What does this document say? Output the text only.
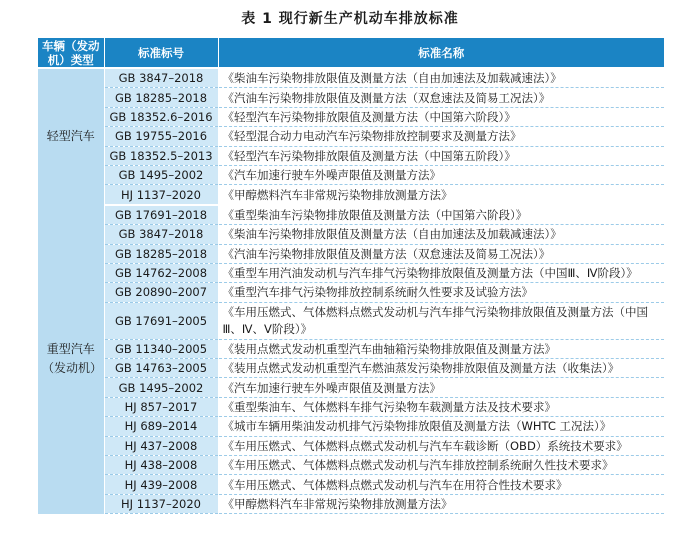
表 1 现行新生产机动车排放标准
车辆（发动机）类型	标准标号	标准名称
轻型汽车	GB 3847–2018	《柴油车污染物排放限值及测量方法（自由加速法及加载减速法）》
	GB 18285–2018	《汽油车污染物排放限值及测量方法（双怠速法及简易工况法）》
	GB 18352.6–2016	《轻型汽车污染物排放限值及测量方法（中国第六阶段）》
	GB 19755–2016	《轻型混合动力电动汽车污染物排放控制要求及测量方法》
	GB 18352.5–2013	《轻型汽车污染物排放限值及测量方法（中国第五阶段）》
	GB 1495–2002	《汽车加速行驶车外噪声限值及测量方法》
	HJ 1137–2020	《甲醇燃料汽车非常规污染物排放测量方法》
重型汽车（发动机）	GB 17691–2018	《重型柴油车污染物排放限值及测量方法（中国第六阶段）》
	GB 3847–2018	《柴油车污染物排放限值及测量方法（自由加速法及加载减速法）》
	GB 18285–2018	《汽油车污染物排放限值及测量方法（双怠速法及简易工况法）》
	GB 14762–2008	《重型车用汽油发动机与汽车排气污染物排放限值及测量方法（中国Ⅲ、Ⅳ阶段）》
	GB 20890–2007	《重型汽车排气污染物排放控制系统耐久性要求及试验方法》
	GB 17691–2005	《车用压燃式、气体燃料点燃式发动机与汽车排气污染物排放限值及测量方法（中国Ⅲ、Ⅳ、Ⅴ阶段）》
	GB 11340–2005	《装用点燃式发动机重型汽车曲轴箱污染物排放限值及测量方法》
	GB 14763–2005	《装用点燃式发动机重型汽车燃油蒸发污染物排放限值及测量方法（收集法）》
	GB 1495–2002	《汽车加速行驶车外噪声限值及测量方法》
	HJ 857–2017	《重型柴油车、气体燃料车排气污染物车载测量方法及技术要求》
	HJ 689–2014	《城市车辆用柴油发动机排气污染物排放限值及测量方法（WHTC 工况法）》
	HJ 437–2008	《车用压燃式、气体燃料点燃式发动机与汽车车载诊断（OBD）系统技术要求》
	HJ 438–2008	《车用压燃式、气体燃料点燃式发动机与汽车排放控制系统耐久性技术要求》
	HJ 439–2008	《车用压燃式、气体燃料点燃式发动机与汽车在用符合性技术要求》
	HJ 1137–2020	《甲醇燃料汽车非常规污染物排放测量方法》
